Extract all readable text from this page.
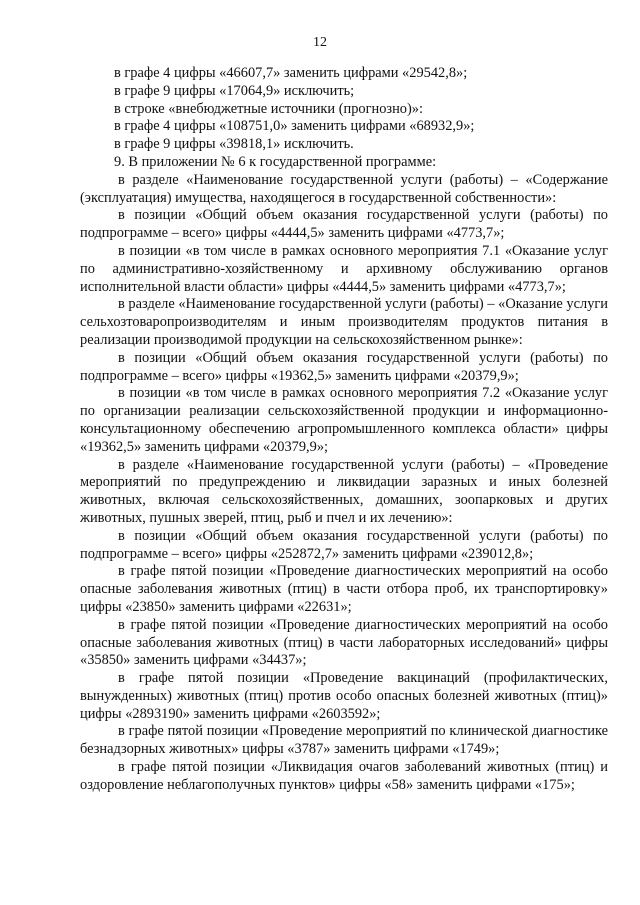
12

в графе 4 цифры «46607,7» заменить цифрами «29542,8»;

в графе 9 цифры «17064,9» исключить;

в строке «внебюджетные источники (прогнозно)»:

в графе 4 цифры «108751,0» заменить цифрами «68932,9»;

в графе 9 цифры «39818,1» исключить.

9. В приложении № 6 к государственной программе:

в разделе «Наименование государственной услуги (работы) – «Содержание (эксплуатация) имущества, находящегося в государственной собственности»:

в позиции «Общий объем оказания государственной услуги (работы) по подпрограмме – всего» цифры «4444,5» заменить цифрами «4773,7»;

в позиции «в том числе в рамках основного мероприятия 7.1 «Оказание услуг по административно-хозяйственному и архивному обслуживанию органов исполнительной власти области» цифры «4444,5» заменить цифрами «4773,7»;

в разделе «Наименование государственной услуги (работы) – «Оказание услуги сельхозтоваропроизводителям и иным производителям продуктов питания в реализации производимой продукции на сельскохозяйственном рынке»:

в позиции «Общий объем оказания государственной услуги (работы) по подпрограмме – всего» цифры «19362,5» заменить цифрами «20379,9»;

в позиции «в том числе в рамках основного мероприятия 7.2 «Оказание услуг по организации реализации сельскохозяйственной продукции и информационно-консультационному обеспечению агропромышленного комплекса области» цифры «19362,5» заменить цифрами «20379,9»;

в разделе «Наименование государственной услуги (работы) – «Проведение мероприятий по предупреждению и ликвидации заразных и иных болезней животных, включая сельскохозяйственных, домашних, зоопарковых и других животных, пушных зверей, птиц, рыб и пчел и их лечению»:

в позиции «Общий объем оказания государственной услуги (работы) по подпрограмме – всего» цифры «252872,7» заменить цифрами «239012,8»;

в графе пятой позиции «Проведение диагностических мероприятий на особо опасные заболевания животных (птиц) в части отбора проб, их транспортировку» цифры «23850» заменить цифрами «22631»;

в графе пятой позиции «Проведение диагностических мероприятий на особо опасные заболевания животных (птиц) в части лабораторных исследований» цифры «35850» заменить цифрами «34437»;

в графе пятой позиции «Проведение вакцинаций (профилактических, вынужденных) животных (птиц) против особо опасных болезней животных (птиц)» цифры «2893190» заменить цифрами «2603592»;

в графе пятой позиции «Проведение мероприятий по клинической диагностике безнадзорных животных» цифры «3787» заменить цифрами «1749»;

в графе пятой позиции «Ликвидация очагов заболеваний животных (птиц) и оздоровление неблагополучных пунктов» цифры «58» заменить цифрами «175»;
